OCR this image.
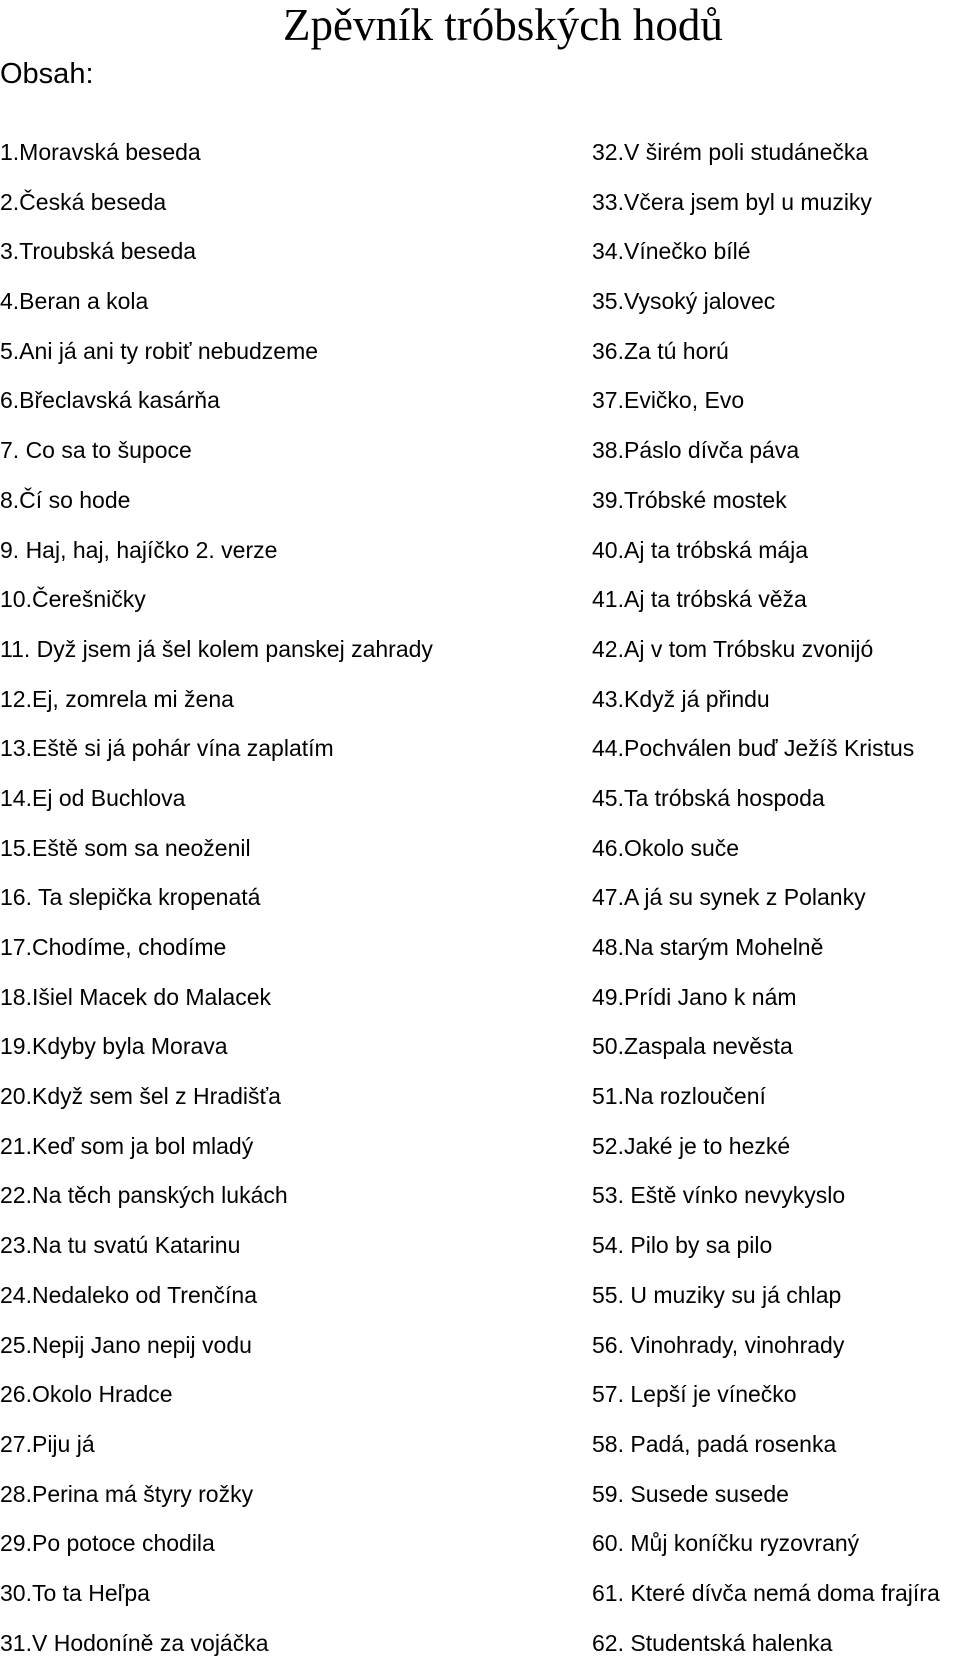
Zpěvník tróbských hodů
Obsah:
1.Moravská beseda
2.Česká beseda
3.Troubská beseda
4.Beran a kola
5.Ani já ani ty robiť nebudzeme
6.Břeclavská kasárňa
7. Co sa to šupoce
8.Čí so hode
9. Haj, haj, hajíčko 2. verze
10.Čerešničky
11. Dyž jsem já šel kolem panskej zahrady
12.Ej, zomrela mi žena
13.Eště si já pohár vína zaplatím
14.Ej od Buchlova
15.Eště som sa neoženil
16. Ta slepička kropenatá
17.Chodíme, chodíme
18.Išiel Macek do Malacek
19.Kdyby byla Morava
20.Když sem šel z Hradišťa
21.Keď som ja bol mladý
22.Na těch panských lukách
23.Na tu svatú Katarinu
24.Nedaleko od Trenčína
25.Nepij Jano nepij vodu
26.Okolo Hradce
27.Piju já
28.Perina má štyry rožky
29.Po potoce chodila
30.To ta Heľpa
31.V Hodoníně za vojáčka
32.V širém poli studánečka
33.Včera jsem byl u muziky
34.Vínečko bílé
35.Vysoký jalovec
36.Za tú horú
37.Evičko, Evo
38.Páslo dívča páva
39.Tróbské mostek
40.Aj ta tróbská mája
41.Aj ta tróbská věža
42.Aj v tom Tróbsku zvonijó
43.Když já přindu
44.Pochválen buď Ježíš Kristus
45.Ta tróbská hospoda
46.Okolo suče
47.A já su synek z Polanky
48.Na starým Mohelně
49.Prídi Jano k nám
50.Zaspala nevěsta
51.Na rozloučení
52.Jaké je to hezké
53. Eště vínko nevykyslo
54. Pilo by sa pilo
55. U muziky su já chlap
56. Vinohrady, vinohrady
57. Lepší je vínečko
58. Padá, padá rosenka
59. Susede susede
60. Můj koníčku ryzovraný
61. Které dívča nemá doma frajíra
62. Studentská halenka
